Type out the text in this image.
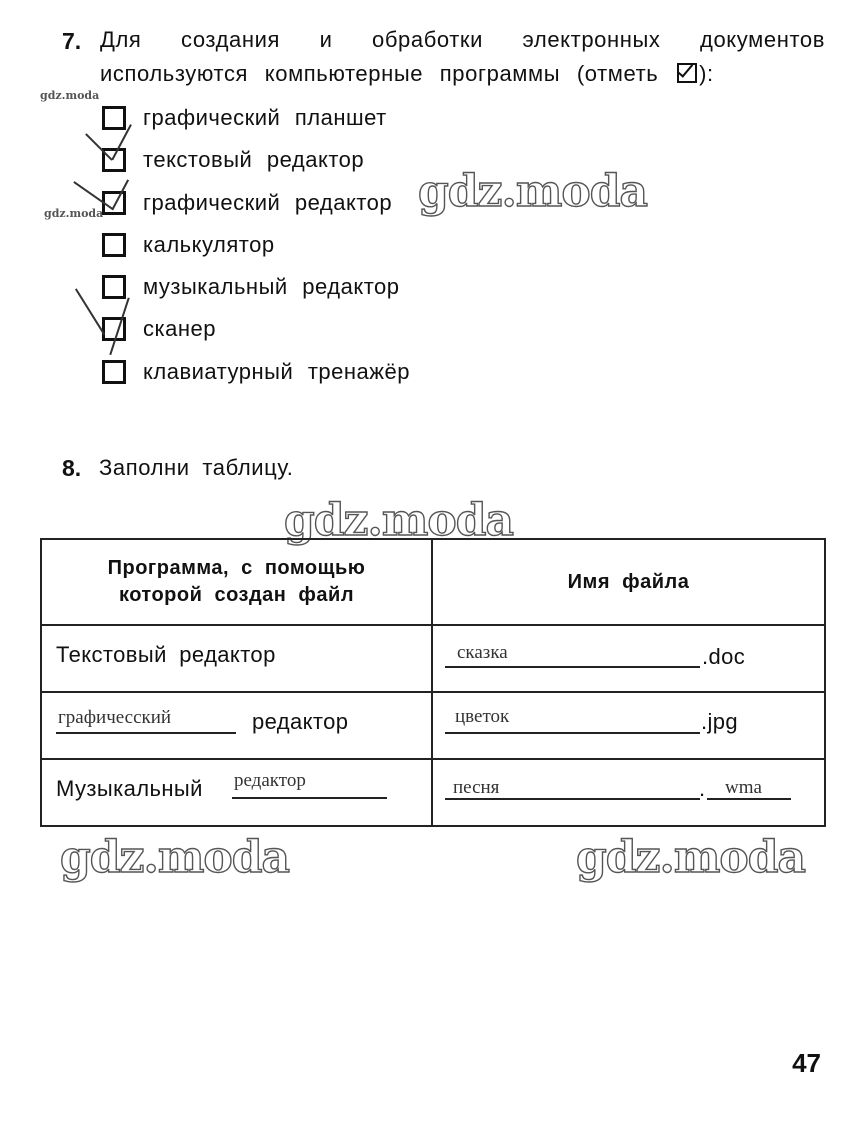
7. Для создания и обработки электронных документов
используются компьютерные программы (отметь ):
gdz.moda
gdz.moda
графический планшет
текстовый редактор
графический редактор
калькулятор
музыкальный редактор
сканер
клавиатурный тренажёр
gdz.moda
8. Заполни таблицу.
gdz.moda
Программа, с помощью
которой создан файл	Имя файла

Текстовый редактор	сказка .doc

графичесский редактор	цветок .jpg

Музыкальный редактор	песня . wma
gdz.moda	gdz.moda
47
